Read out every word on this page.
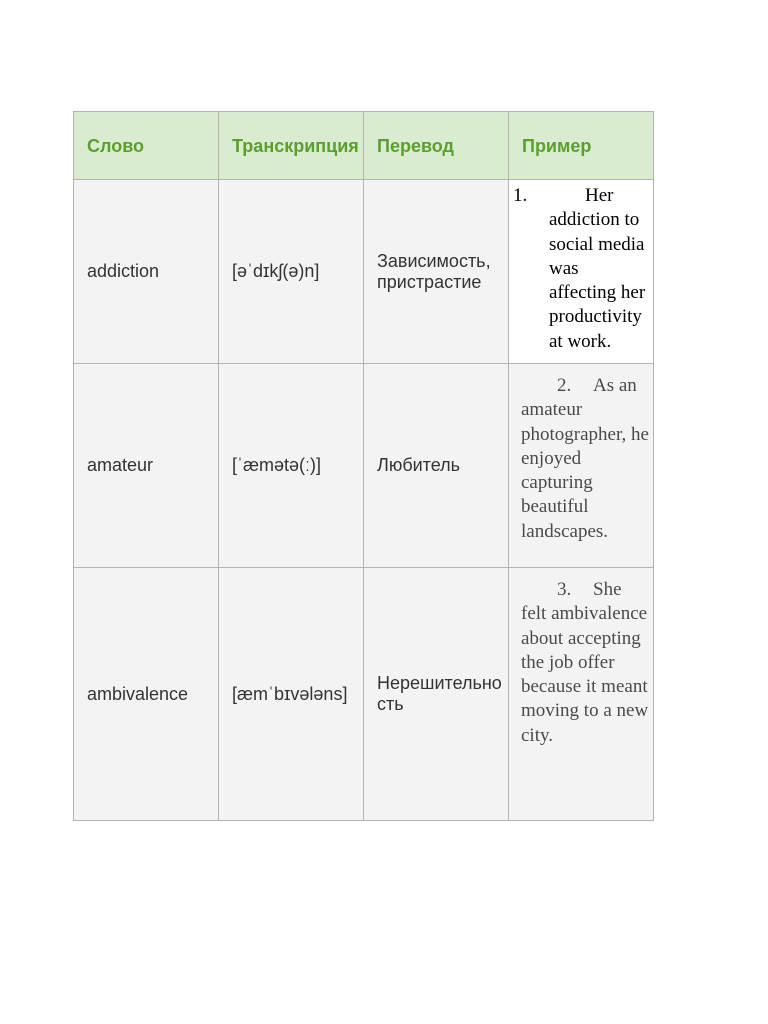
Слово	Транскрипция	Перевод	Пример
addiction	[əˈdɪkʃ(ə)n]	Зависимость, пристрастие	1. Her addiction to social media was affecting her productivity at work.

amateur	[ˈæmətə(ː)]	Любитель	2. As an amateur photographer, he enjoyed capturing beautiful landscapes.

ambivalence	[æmˈbɪvələns]	Нерешительность	3. She felt ambivalence about accepting the job offer because it meant moving to a new city.
